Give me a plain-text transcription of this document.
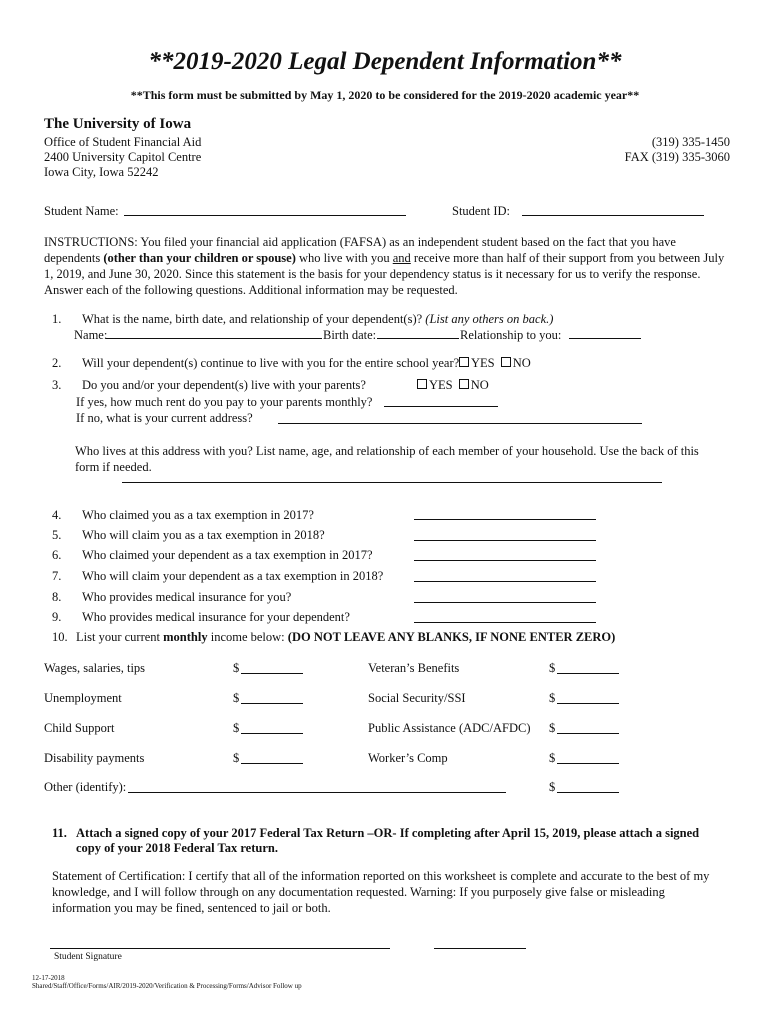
**2019-2020 Legal Dependent Information**
**This form must be submitted by May 1, 2020 to be considered for the 2019-2020 academic year**
The University of Iowa
Office of Student Financial Aid
2400 University Capitol Centre
Iowa City, Iowa 52242
(319) 335-1450
FAX (319) 335-3060
Student Name:	Student ID:
INSTRUCTIONS: You filed your financial aid application (FAFSA) as an independent student based on the fact that you have dependents (other than your children or spouse) who live with you and receive more than half of their support from you between July 1, 2019, and June 30, 2020. Since this statement is the basis for your dependency status is it necessary for us to verify the response. Answer each of the following questions. Additional information may be requested.
1. What is the name, birth date, and relationship of your dependent(s)? (List any others on back.)
Name:	Birth date:	Relationship to you:
2. Will your dependent(s) continue to live with you for the entire school year? YES NO
3. Do you and/or your dependent(s) live with your parents?	YES NO
If yes, how much rent do you pay to your parents monthly?
If no, what is your current address?
Who lives at this address with you? List name, age, and relationship of each member of your household. Use the back of this form if needed.
4. Who claimed you as a tax exemption in 2017?
5. Who will claim you as a tax exemption in 2018?
6. Who claimed your dependent as a tax exemption in 2017?
7. Who will claim your dependent as a tax exemption in 2018?
8. Who provides medical insurance for you?
9. Who provides medical insurance for your dependent?
10. List your current monthly income below: (DO NOT LEAVE ANY BLANKS, IF NONE ENTER ZERO)
Wages, salaries, tips	$	Veteran’s Benefits	$
Unemployment	$	Social Security/SSI	$
Child Support	$	Public Assistance (ADC/AFDC) $
Disability payments	$	Worker’s Comp	$
Other (identify):	$
11. Attach a signed copy of your 2017 Federal Tax Return –OR- If completing after April 15, 2019, please attach a signed
copy of your 2018 Federal Tax return.
Statement of Certification: I certify that all of the information reported on this worksheet is complete and accurate to the best of my knowledge, and I will follow through on any documentation requested. Warning: If you purposely give false or misleading information you may be fined, sentenced to jail or both.
Student Signature
12-17-2018
Shared/Staff/Office/Forms/AIR/2019-2020/Verification & Processing/Forms/Advisor Follow up
